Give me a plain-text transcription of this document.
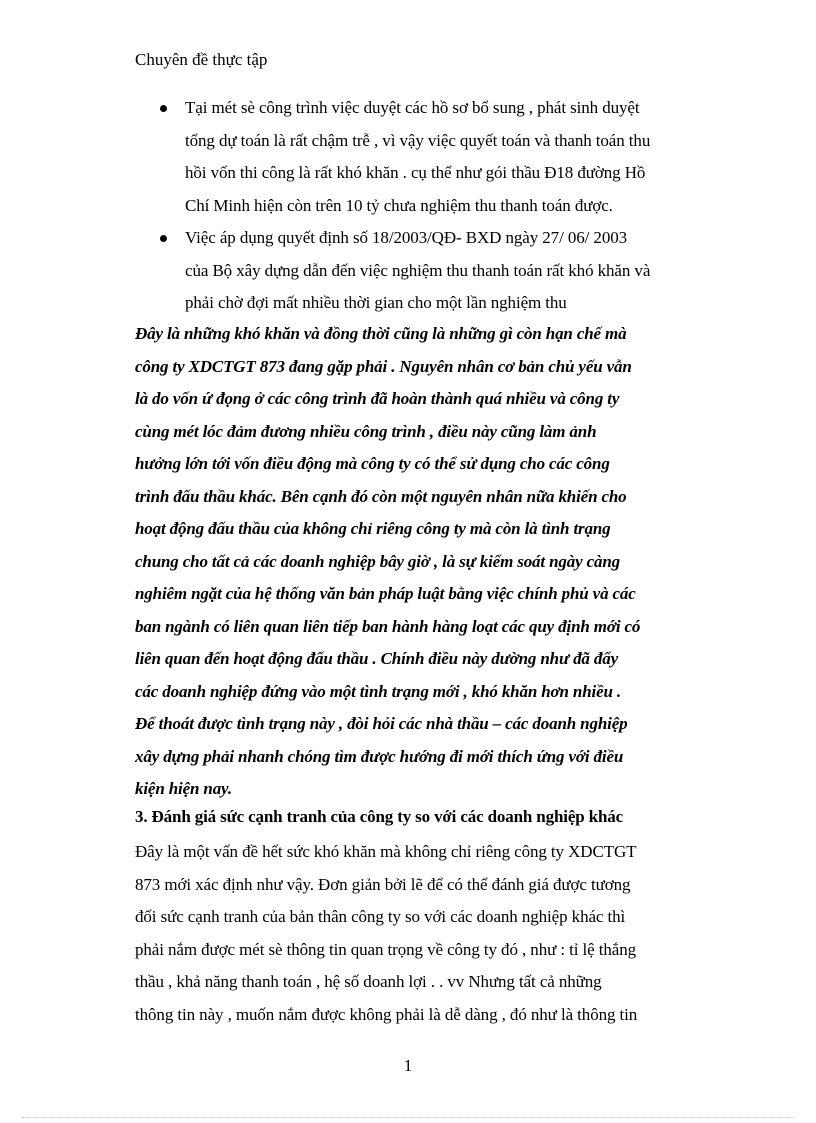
Chuyên đề thực tập
Tại mét sè công trình việc duyệt các hồ sơ bổ sung , phát sinh duyệt
tổng dự toán là rất chậm trễ , vì vậy việc quyết toán và thanh toán thu
hồi vốn thi công là rất khó khăn . cụ thể như gói thầu Đ18 đường Hồ
Chí Minh hiện còn trên 10 tỷ chưa nghiệm thu thanh toán được.
Việc áp dụng quyết định số 18/2003/QĐ- BXD ngày 27/ 06/ 2003
của Bộ xây dựng dẫn đến việc nghiệm thu thanh toán rất khó khăn và
phải chờ đợi mất nhiều thời gian cho một lần nghiệm thu
Đây là những khó khăn và đồng thời cũng là những gì còn hạn chế mà
công ty XDCTGT 873 đang gặp phải . Nguyên nhân cơ bản chủ yếu vẫn
là do vốn ứ đọng ở các công trình đã hoàn thành quá nhiều và công ty
cùng mét lóc đảm đương nhiều công trình , điều này cũng làm ảnh
hưởng lớn tới vốn điều động mà công ty có thể sử dụng cho các công
trình đấu thầu khác. Bên cạnh đó còn một nguyên nhân nữa khiến cho
hoạt động đấu thầu của không chỉ riêng công ty mà còn là tình trạng
chung cho tất cả các doanh nghiệp bây giờ , là sự kiểm soát ngày càng
nghiêm ngặt của hệ thống văn bản pháp luật bằng việc chính phủ và các
ban ngành có liên quan liên tiếp ban hành hàng loạt các quy định mới có
liên quan đến hoạt động đấu thầu . Chính điều này dường như đã đẩy
các doanh nghiệp đứng vào một tình trạng mới , khó khăn hơn nhiều .
Để thoát được tình trạng này , đòi hỏi các nhà thầu – các doanh nghiệp
xây dựng phải nhanh chóng tìm được hướng đi mới thích ứng với điều
kiện hiện nay.
3. Đánh giá sức cạnh tranh của công ty so với các doanh nghiệp khác
Đây là một vấn đề hết sức khó khăn mà không chỉ riêng công ty XDCTGT
873 mới xác định như vậy. Đơn giản bởi lẽ để có thể đánh giá được tương
đối sức cạnh tranh của bản thân công ty so với các doanh nghiệp khác thì
phải nắm được mét sè thông tin quan trọng về công ty đó , như : tỉ lệ thắng
thầu , khả năng thanh toán , hệ số doanh lợi . . vv Nhưng tất cả những
thông tin này , muốn nắm được không phải là dễ dàng , đó như là thông tin
1
